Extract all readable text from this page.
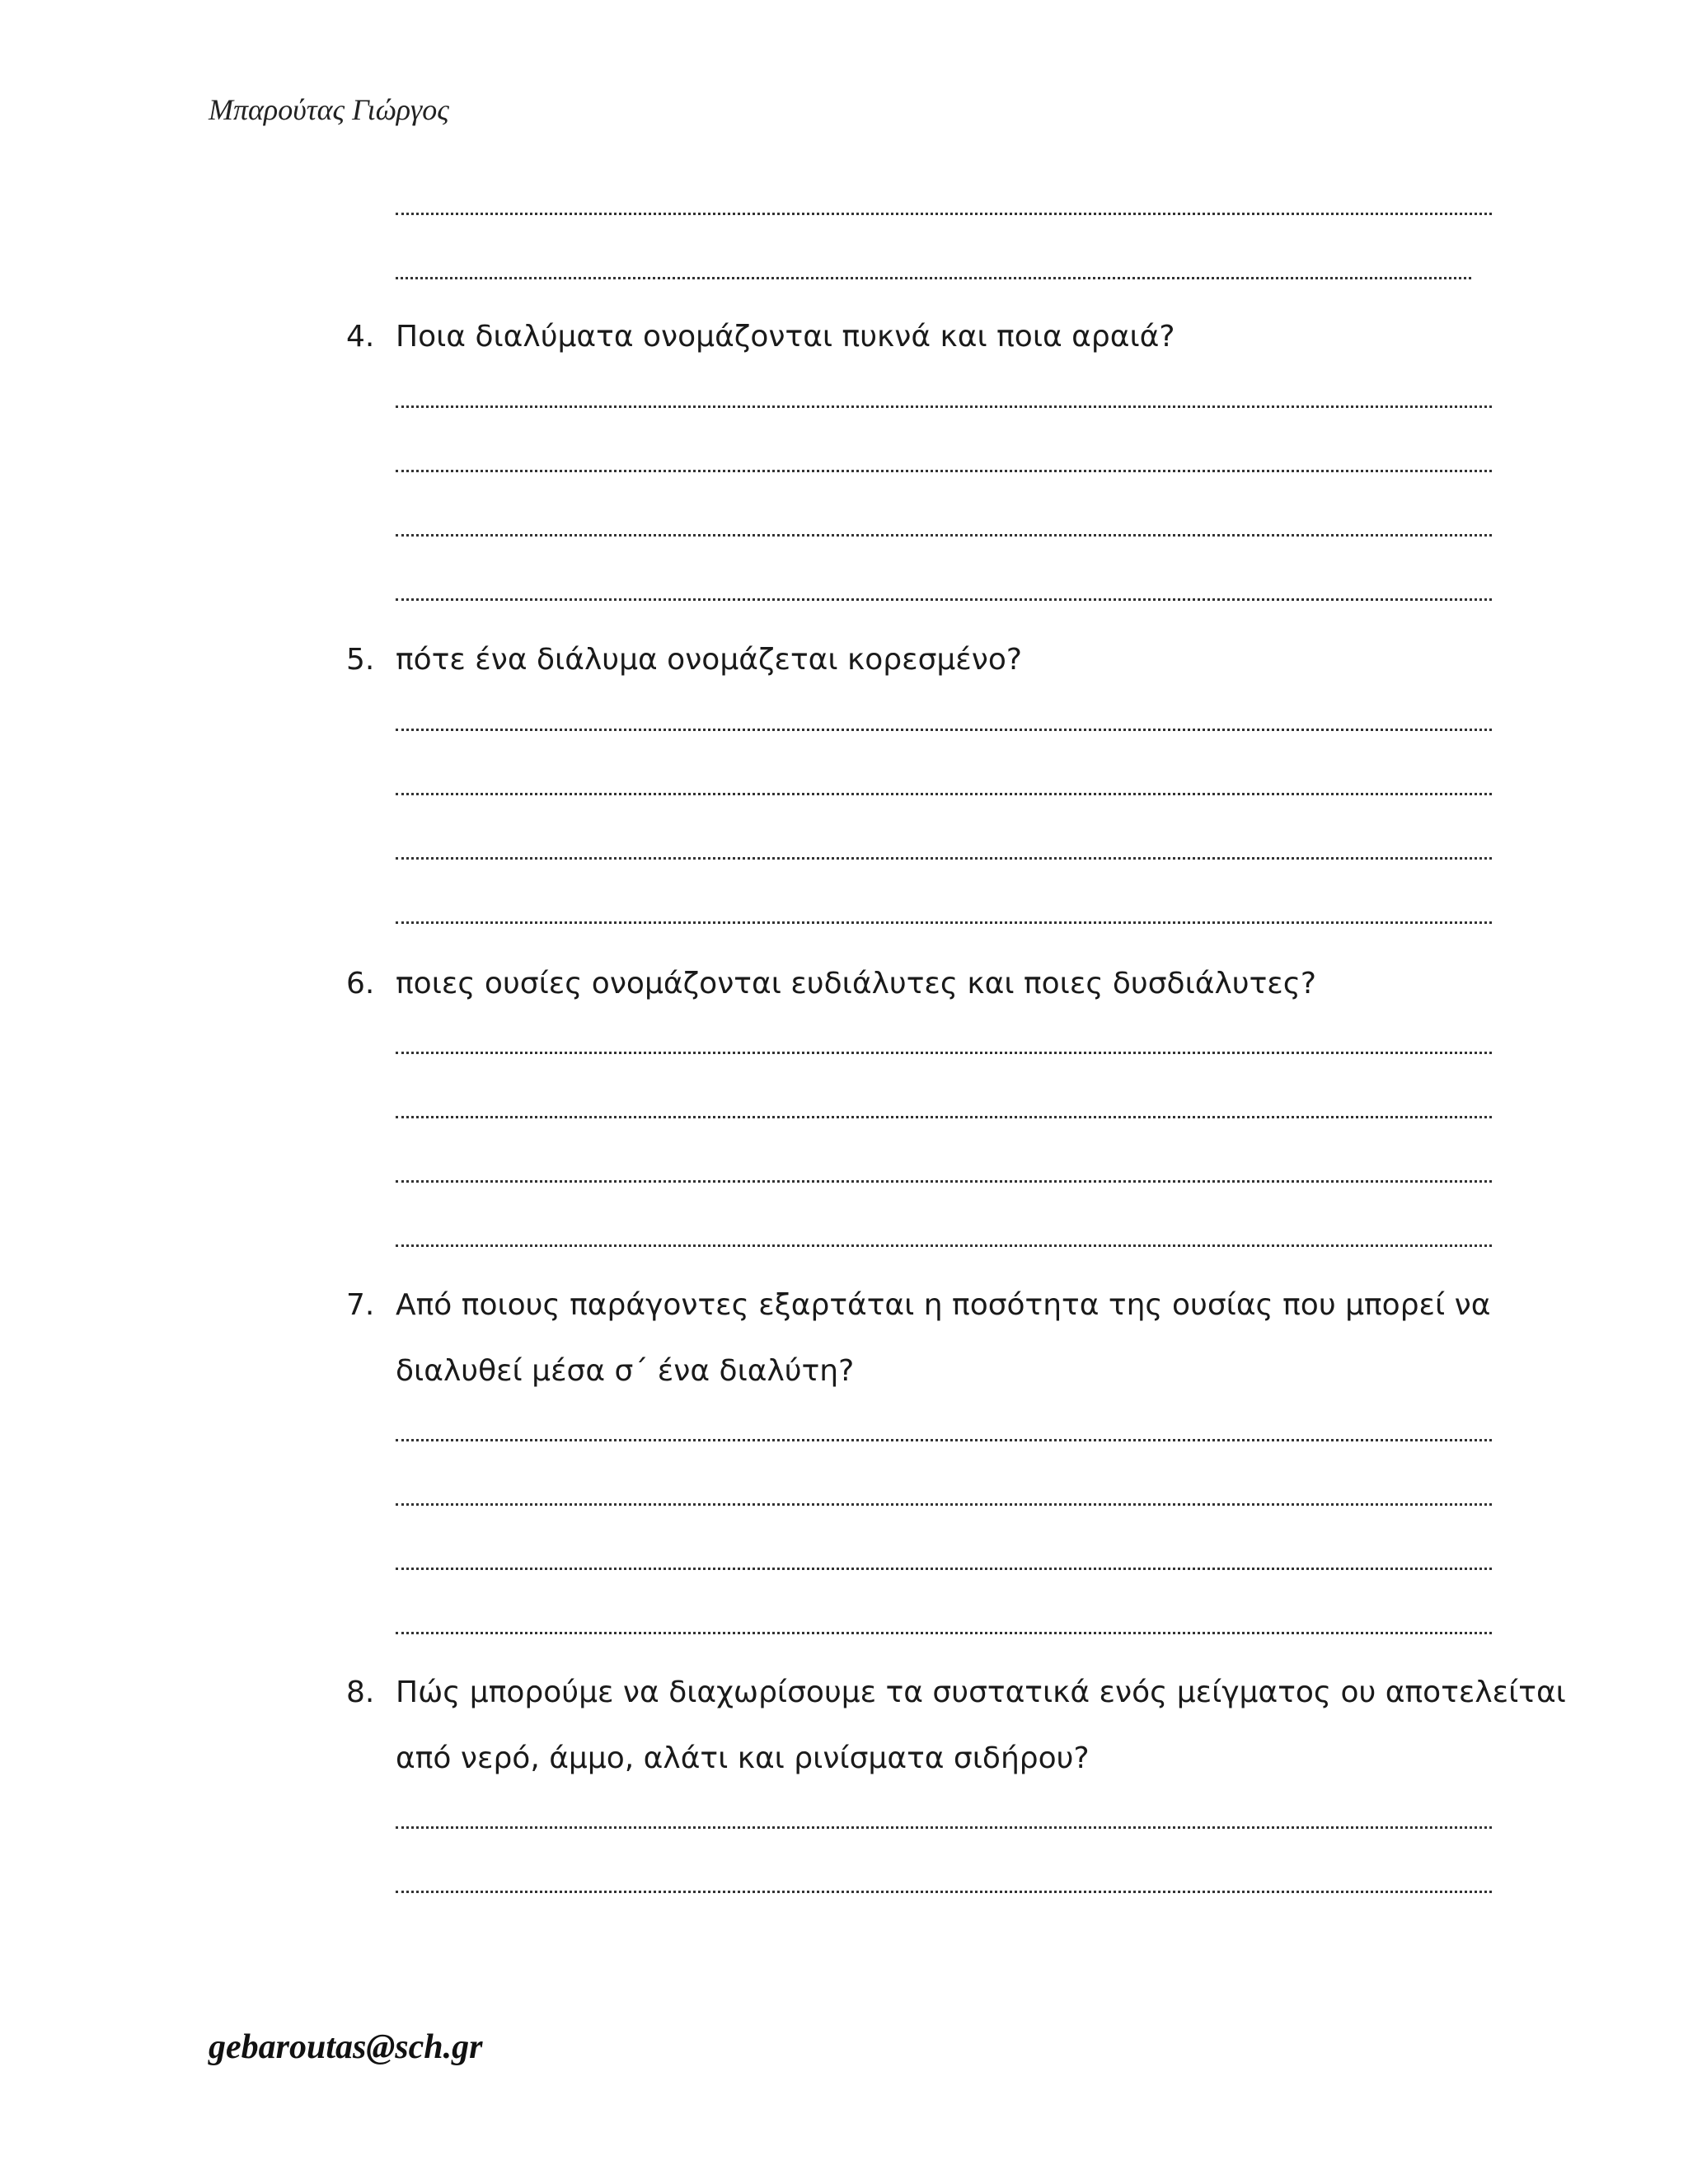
Μπαρούτας Γιώργος
4. Ποια διαλύματα ονομάζονται πυκνά και ποια αραιά?
5. πότε ένα διάλυμα ονομάζεται κορεσμένο?
6. ποιες ουσίες ονομάζονται ευδιάλυτες και ποιες δυσδιάλυτες?
7. Από ποιους παράγοντες εξαρτάται η ποσότητα της ουσίας που μπορεί να
διαλυθεί μέσα σ΄ ένα διαλύτη?
8. Πώς μπορούμε να διαχωρίσουμε τα συστατικά ενός μείγματος ου αποτελείται
από νερό, άμμο, αλάτι και ρινίσματα σιδήρου?
gebaroutas@sch.gr
